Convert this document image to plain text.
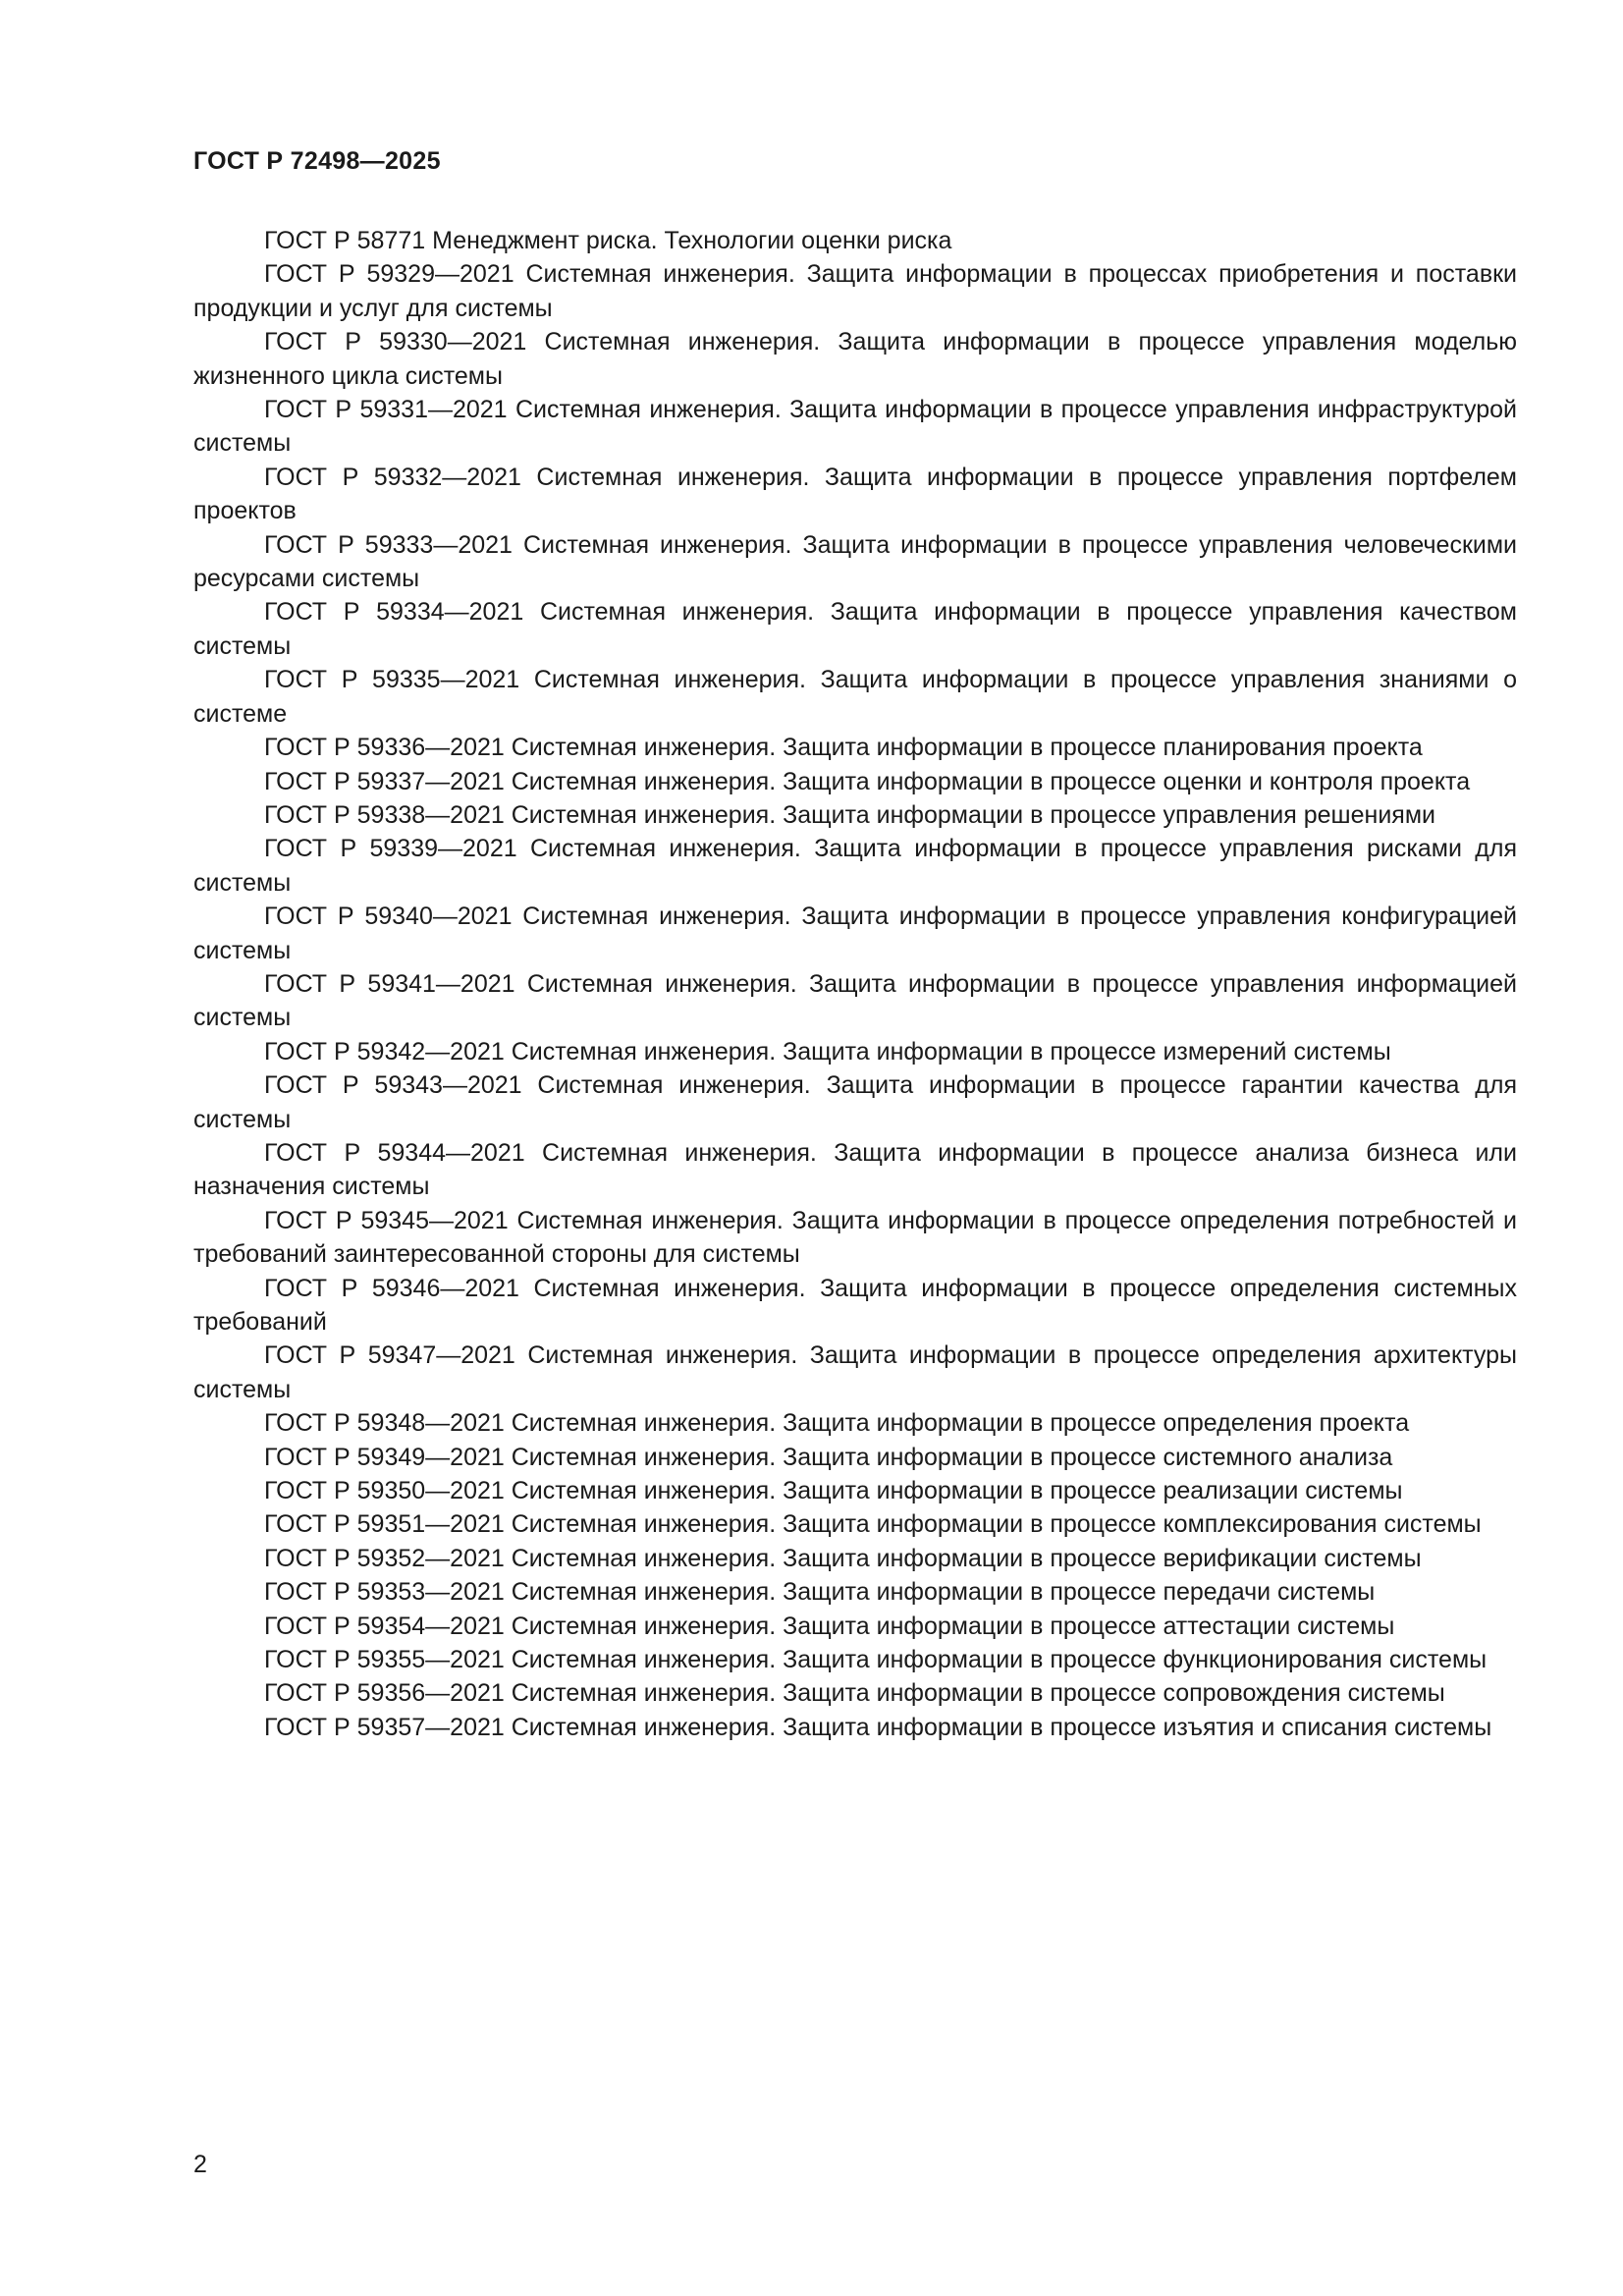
ГОСТ Р 72498—2025

ГОСТ Р 58771 Менеджмент риска. Технологии оценки риска

ГОСТ Р 59329—2021 Системная инженерия. Защита информации в процессах приобретения и поставки продукции и услуг для системы

ГОСТ Р 59330—2021 Системная инженерия. Защита информации в процессе управления моделью жизненного цикла системы

ГОСТ Р 59331—2021 Системная инженерия. Защита информации в процессе управления инфраструктурой системы

ГОСТ Р 59332—2021 Системная инженерия. Защита информации в процессе управления портфелем проектов

ГОСТ Р 59333—2021 Системная инженерия. Защита информации в процессе управления человеческими ресурсами системы

ГОСТ Р 59334—2021 Системная инженерия. Защита информации в процессе управления качеством системы

ГОСТ Р 59335—2021 Системная инженерия. Защита информации в процессе управления знаниями о системе

ГОСТ Р 59336—2021 Системная инженерия. Защита информации в процессе планирования проекта

ГОСТ Р 59337—2021 Системная инженерия. Защита информации в процессе оценки и контроля проекта

ГОСТ Р 59338—2021 Системная инженерия. Защита информации в процессе управления решениями

ГОСТ Р 59339—2021 Системная инженерия. Защита информации в процессе управления рисками для системы

ГОСТ Р 59340—2021 Системная инженерия. Защита информации в процессе управления конфигурацией системы

ГОСТ Р 59341—2021 Системная инженерия. Защита информации в процессе управления информацией системы

ГОСТ Р 59342—2021 Системная инженерия. Защита информации в процессе измерений системы

ГОСТ Р 59343—2021 Системная инженерия. Защита информации в процессе гарантии качества для системы

ГОСТ Р 59344—2021 Системная инженерия. Защита информации в процессе анализа бизнеса или назначения системы

ГОСТ Р 59345—2021 Системная инженерия. Защита информации в процессе определения потребностей и требований заинтересованной стороны для системы

ГОСТ Р 59346—2021 Системная инженерия. Защита информации в процессе определения системных требований

ГОСТ Р 59347—2021 Системная инженерия. Защита информации в процессе определения архитектуры системы

ГОСТ Р 59348—2021 Системная инженерия. Защита информации в процессе определения проекта

ГОСТ Р 59349—2021 Системная инженерия. Защита информации в процессе системного анализа

ГОСТ Р 59350—2021 Системная инженерия. Защита информации в процессе реализации системы

ГОСТ Р 59351—2021 Системная инженерия. Защита информации в процессе комплексирования системы

ГОСТ Р 59352—2021 Системная инженерия. Защита информации в процессе верификации системы

ГОСТ Р 59353—2021 Системная инженерия. Защита информации в процессе передачи системы

ГОСТ Р 59354—2021 Системная инженерия. Защита информации в процессе аттестации системы

ГОСТ Р 59355—2021 Системная инженерия. Защита информации в процессе функционирования системы

ГОСТ Р 59356—2021 Системная инженерия. Защита информации в процессе сопровождения системы

ГОСТ Р 59357—2021 Системная инженерия. Защита информации в процессе изъятия и списания системы

2
